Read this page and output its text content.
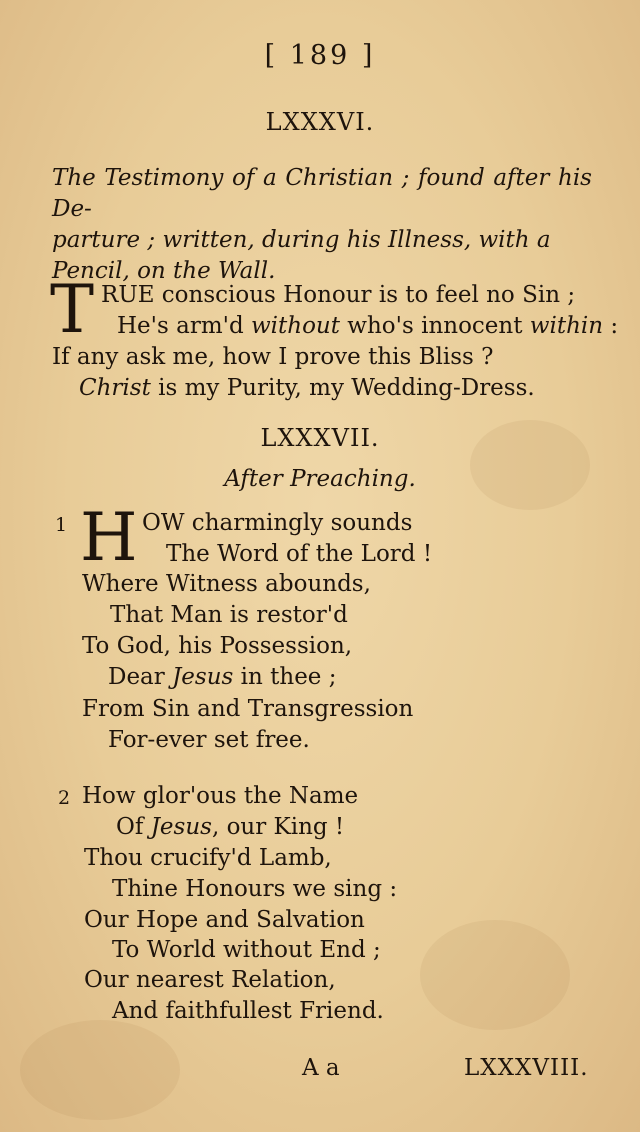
[ 189 ]
LXXXVI.
The Testimony of a Christian ; found after his De-
parture ; written, during his Illness, with a
Pencil, on the Wall.
T RUE conscious Honour is to feel no Sin ;
He's arm'd without who's innocent within :
If any ask me, how I prove this Bliss ?
Christ is my Purity, my Wedding-Dress.
LXXXVII.
After Preaching.
1 H OW charmingly sounds
The Word of the Lord !
Where Witness abounds,
That Man is restor'd
To God, his Possession,
Dear Jesus in thee ;
From Sin and Transgression
For-ever set free.
2 How glor'ous the Name
Of Jesus, our King !
Thou crucify'd Lamb,
Thine Honours we sing :
Our Hope and Salvation
To World without End ;
Our nearest Relation,
And faithfullest Friend.
A a	LXXXVIII.
